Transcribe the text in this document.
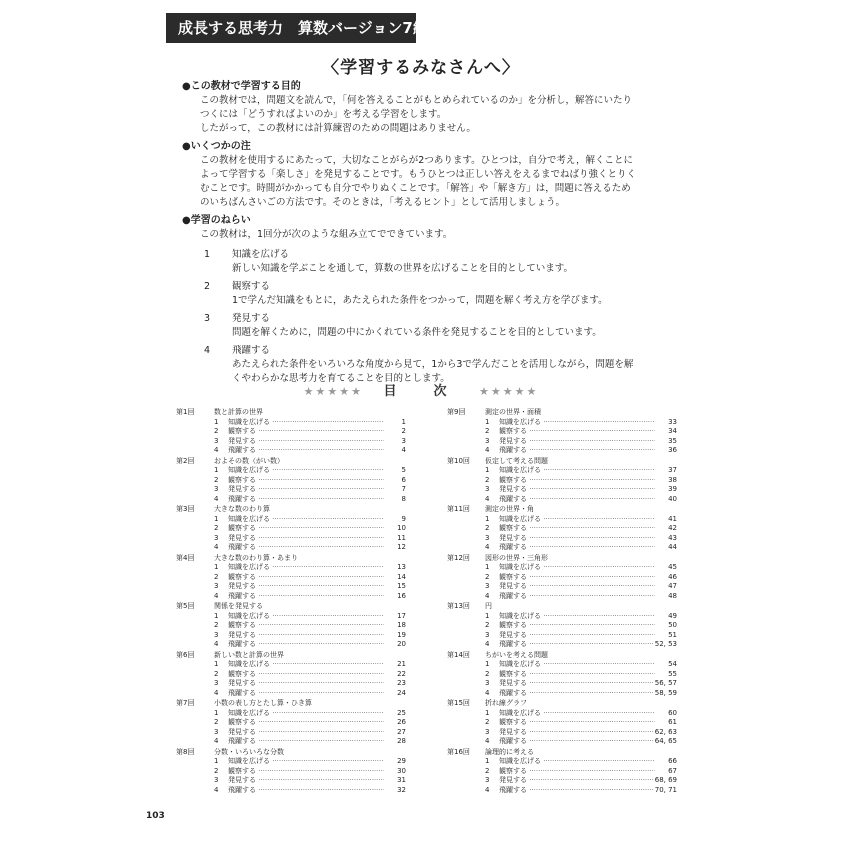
成長する思考力　算数バージョン7級
〈学習するみなさんへ〉
●この教材で学習する目的

この教材では，問題文を読んで，「何を答えることがもとめられているのか」を分析し，解答にいたり

つくには「どうすればよいのか」を考える学習をします。

したがって，この教材には計算練習のための問題はありません。

●いくつかの注

この教材を使用するにあたって，大切なことがらが2つあります。ひとつは，自分で考え，解くことに

よって学習する「楽しさ」を発見することです。もうひとつは正しい答えをえるまでねばり強くとりく

むことです。時間がかかっても自分でやりぬくことです。「解答」や「解き方」は，問題に答えるため

のいちばんさいごの方法です。そのときは，「考えるヒント」として活用しましょう。

●学習のねらい

この教材は，1回分が次のような組み立てでできています。

1	知識を広げる
新しい知識を学ぶことを通して，算数の世界を広げることを目的としています。
2	観察する
1で学んだ知識をもとに，あたえられた条件をつかって，問題を解く考え方を学びます。
3	発見する
問題を解くために，問題の中にかくれている条件を発見することを目的としています。
4	飛躍する
あたえられた条件をいろいろな角度から見て，1から3で学んだことを活用しながら，問題を解
くやわらかな思考力を育てることを目的とします。
★★★★★ 目　次 ★★★★★
第1回	数と計算の世界
1	知識を広げる ·····	1
2	観察する ·····	2
3	発見する ·····	3
4	飛躍する ·····	4
第2回	およその数（がい数）
1	知識を広げる ·····	5
2	観察する ·····	6
3	発見する ·····	7
4	飛躍する ·····	8
第3回	大きな数のわり算
1	知識を広げる ·····	9
2	観察する ·····	10
3	発見する ·····	11
4	飛躍する ·····	12
第4回	大きな数のわり算・あまり
1	知識を広げる ·····	13
2	観察する ·····	14
3	発見する ·····	15
4	飛躍する ·····	16
第5回	関係を発見する
1	知識を広げる ·····	17
2	観察する ·····	18
3	発見する ·····	19
4	飛躍する ·····	20
第6回	新しい数と計算の世界
1	知識を広げる ·····	21
2	観察する ·····	22
3	発見する ·····	23
4	飛躍する ·····	24
第7回	小数の表し方とたし算・ひき算
1	知識を広げる ·····	25
2	観察する ·····	26
3	発見する ·····	27
4	飛躍する ·····	28
第8回	分数・いろいろな分数
1	知識を広げる ·····	29
2	観察する ·····	30
3	発見する ·····	31
4	飛躍する ·····	32
第9回	測定の世界・面積
1	知識を広げる ·····	33
2	観察する ·····	34
3	発見する ·····	35
4	飛躍する ·····	36
第10回	仮定して考える問題
1	知識を広げる ·····	37
2	観察する ·····	38
3	発見する ·····	39
4	飛躍する ·····	40
第11回	測定の世界・角
1	知識を広げる ·····	41
2	観察する ·····	42
3	発見する ·····	43
4	飛躍する ·····	44
第12回	図形の世界・三角形
1	知識を広げる ·····	45
2	観察する ·····	46
3	発見する ·····	47
4	飛躍する ·····	48
第13回	円
1	知識を広げる ·····	49
2	観察する ·····	50
3	発見する ·····	51
4	飛躍する ·····	52, 53
第14回	ちがいを考える問題
1	知識を広げる ·····	54
2	観察する ·····	55
3	発見する ·····	56, 57
4	飛躍する ·····	58, 59
第15回	折れ線グラフ
1	知識を広げる ·····	60
2	観察する ·····	61
3	発見する ·····	62, 63
4	飛躍する ·····	64, 65
第16回	論理的に考える
1	知識を広げる ·····	66
2	観察する ·····	67
3	発見する ·····	68, 69
4	飛躍する ·····	70, 71
103
